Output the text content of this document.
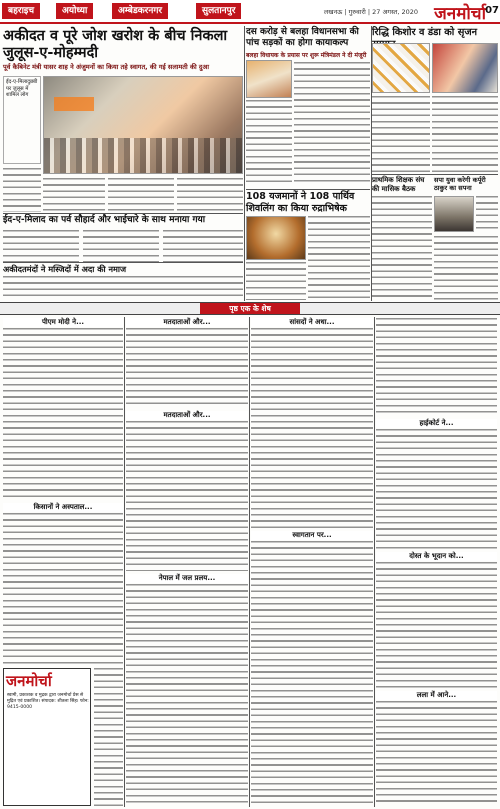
बहराइच	अयोध्या	अम्बेडकरनगर	सुलतानपुर	लखनऊ | गुरुवारी | 27 अगस्त, 2020 जनमोर्चा 07
अकीदत व पूरे जोश खरोश के बीच निकला जुलूस-ए-मोहम्मदी
पूर्व कैबिनेट मंत्री यासर शाह ने अंजुमनों का किया तहे स्वागत, की गई सलामती की दुआ
ईद-ए-मिलादुन्नबी पर जुलूस में शामिल लोग
ईद-ए-मिलाद का पर्व सौहार्द और भाईचारे के साथ मनाया गया
अकीदतमंदों ने मस्जिदों में अदा की नमाज
दस करोड़ से बलहा विधानसभा की पांच सड़कों का होगा कायाकल्प
बलहा विधायक के प्रयास पर शुरू मंत्रिमंडल ने दी मंजूरी
108 यजमानों ने 108 पार्थिव शिवलिंग का किया रुद्राभिषेक
रिद्धि किशोर व डंडा को सृजन
प्राथमिक शिक्षक संघ की मासिक बैठक
सपा युवा करेगी कर्पूरी ठाकुर का सपना
पृष्ठ एक के शेष
पीएम मोदी ने...
किसानों ने अस्पताल...
मतदाताओं और...
मतदाताओं और...
नेपाल में जल प्रलय...
सांसदों ने अधा...
स्वागतान पर...
हाईकोर्ट ने...
दोस्त के भूदान को...
लला में आने...
जनमोर्चा
स्वामी, प्रकाशक व मुद्रक द्वारा जनमोर्चा प्रेस से मुद्रित एवं प्रकाशित। संपादक: शीतला सिंह। फोन: 9415-0000
